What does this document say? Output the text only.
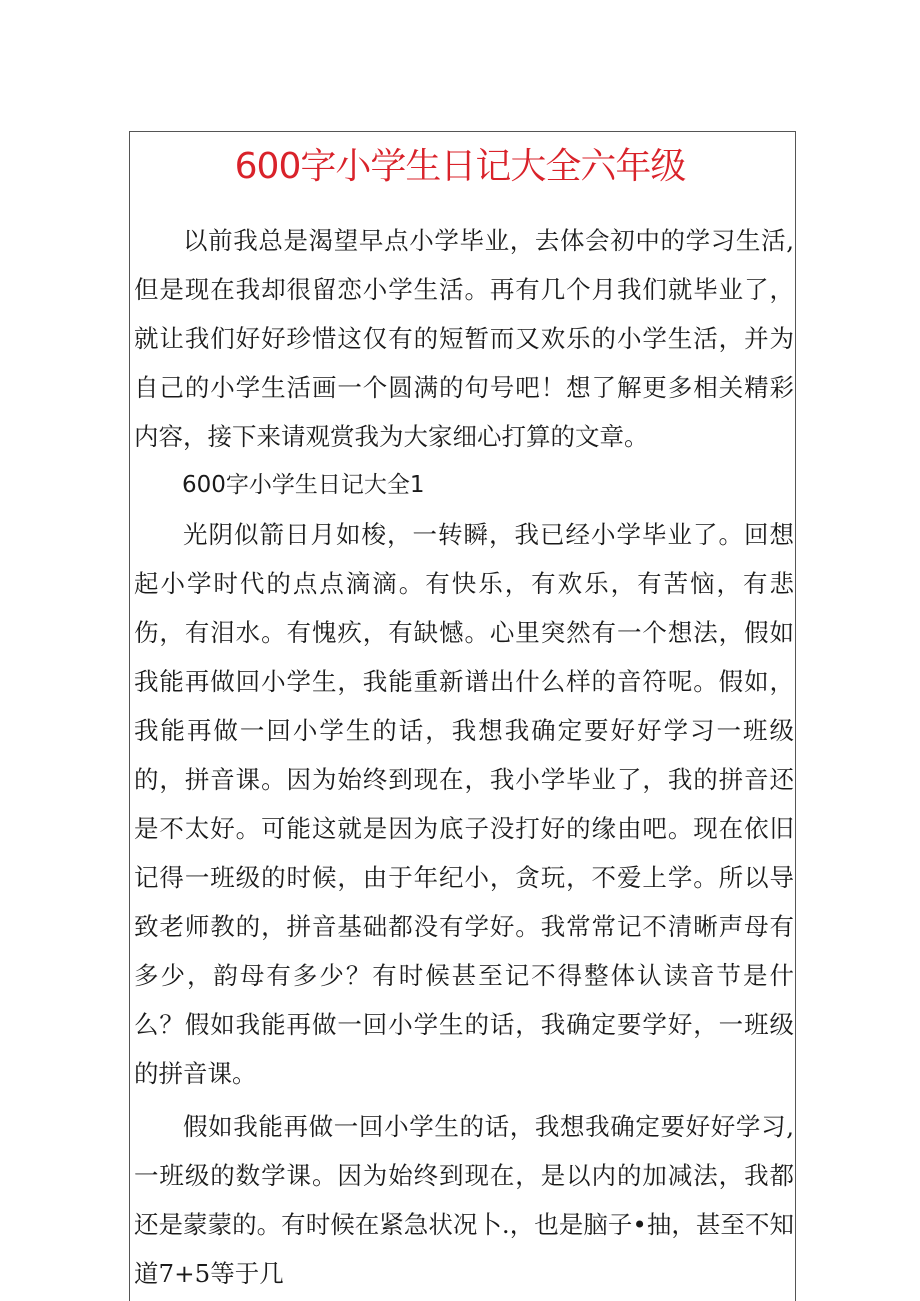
600字小学生日记大全六年级

以前我总是渴望早点小学毕业，去体会初中的学习生活,但是现在我却很留恋小学生活。再有几个月我们就毕业了，就让我们好好珍惜这仅有的短暂而又欢乐的小学生活，并为自己的小学生活画一个圆满的句号吧！想了解更多相关精彩内容，接下来请观赏我为大家细心打算的文章。

600字小学生日记大全1

光阴似箭日月如梭，一转瞬，我已经小学毕业了。回想起小学时代的点点滴滴。有快乐，有欢乐，有苦恼，有悲伤，有泪水。有愧疚，有缺憾。心里突然有一个想法，假如我能再做回小学生，我能重新谱出什么样的音符呢。假如，我能再做一回小学生的话，我想我确定要好好学习一班级的，拼音课。因为始终到现在，我小学毕业了，我的拼音还是不太好。可能这就是因为底子没打好的缘由吧。现在依旧记得一班级的时候，由于年纪小，贪玩，不爱上学。所以导致老师教的，拼音基础都没有学好。我常常记不清晰声母有多少，韵母有多少？有时候甚至记不得整体认读音节是什么？假如我能再做一回小学生的话，我确定要学好，一班级的拼音课。

假如我能再做一回小学生的话，我想我确定要好好学习,一班级的数学课。因为始终到现在，是以内的加减法，我都还是蒙蒙的。有时候在紧急状况卜.，也是脑子•抽，甚至不知道7+5等于几
